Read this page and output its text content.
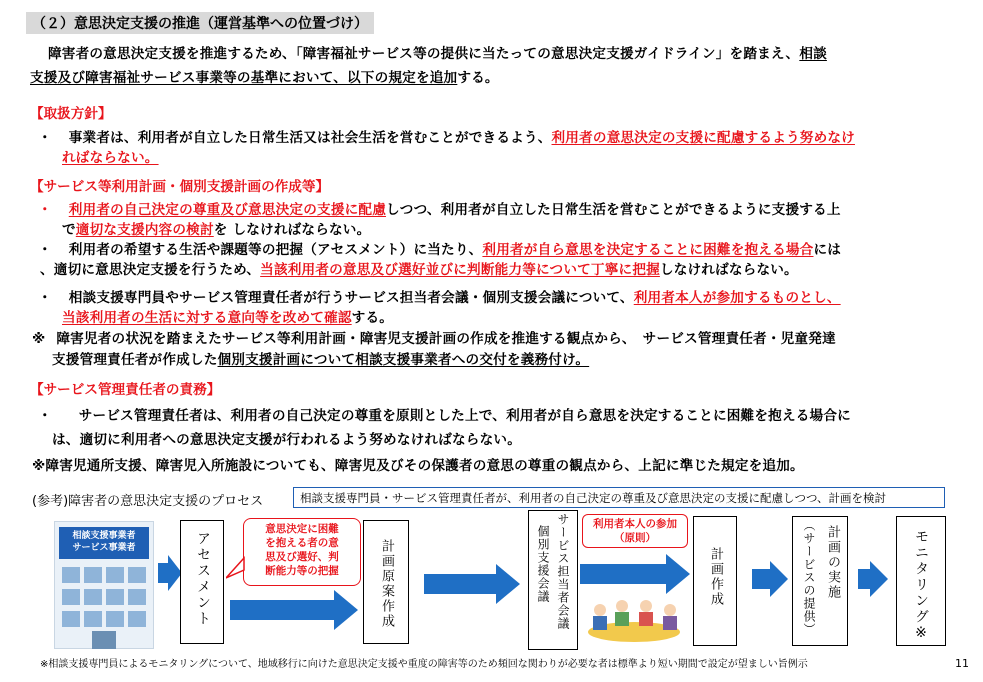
（２）意思決定支援の推進（運営基準への位置づけ）
障害者の意思決定支援を推進するため、「障害福祉サービス等の提供に当たっての意思決定支援ガイドライン」を踏まえ、相談
支援及び障害福祉サービス事業等の基準において、以下の規定を追加する。
【取扱方針】
・ 事業者は、利用者が自立した日常生活又は社会生活を営むことができるよう、利用者の意思決定の支援に配慮するよう努めなけ
ればならない。
【サービス等利用計画・個別支援計画の作成等】
・ 利用者の自己決定の尊重及び意思決定の支援に配慮しつつ、利用者が自立した日常生活を営むことができるように支援する上
で適切な支援内容の検討を しなければならない。
・ 利用者の希望する生活や課題等の把握（アセスメント）に当たり、利用者が自ら意思を決定することに困難を抱える場合には
、適切に意思決定支援を行うため、当該利用者の意思及び選好並びに判断能力等について丁寧に把握しなければならない。
・ 相談支援専門員やサービス管理責任者が行うサービス担当者会議・個別支援会議について、利用者本人が参加するものとし、
当該利用者の生活に対する意向等を改めて確認する。
※ 障害児者の状況を踏まえたサービス等利用計画・障害児支援計画の作成を推進する観点から、　サービス管理責任者・児童発達
支援管理責任者が作成した個別支援計画について相談支援事業者への交付を義務付け。
【サービス管理責任者の責務】
・ サービス管理責任者は、利用者の自己決定の尊重を原則とした上で、利用者が自ら意思を決定することに困難を抱える場合に
は、適切に利用者への意思決定支援が行われるよう努めなければならない。
※障害児通所支援、障害児入所施設についても、障害児及びその保護者の意思の尊重の観点から、上記に準じた規定を追加。
(参考)障害者の意思決定支援のプロセス	相談支援専門員・サービス管理責任者が、利用者の自己決定の尊重及び意思決定の支援に配慮しつつ、計画を検討
相談支援事業者
サービス事業者	アセスメント
意思決定に困難
を抱える者の意
思及び選好、判
断能力等の把握	計画原案作成	サービス担当者会議
個別支援会議
利用者本人の参加
（原則）
計画作成	計画の実施
（サービスの提供）	モニタリング※
※相談支援専門員によるモニタリングについて、地域移行に向けた意思決定支援や重度の障害等のため頻回な関わりが必要な者は標準より短い期間で設定が望ましい旨例示	11
